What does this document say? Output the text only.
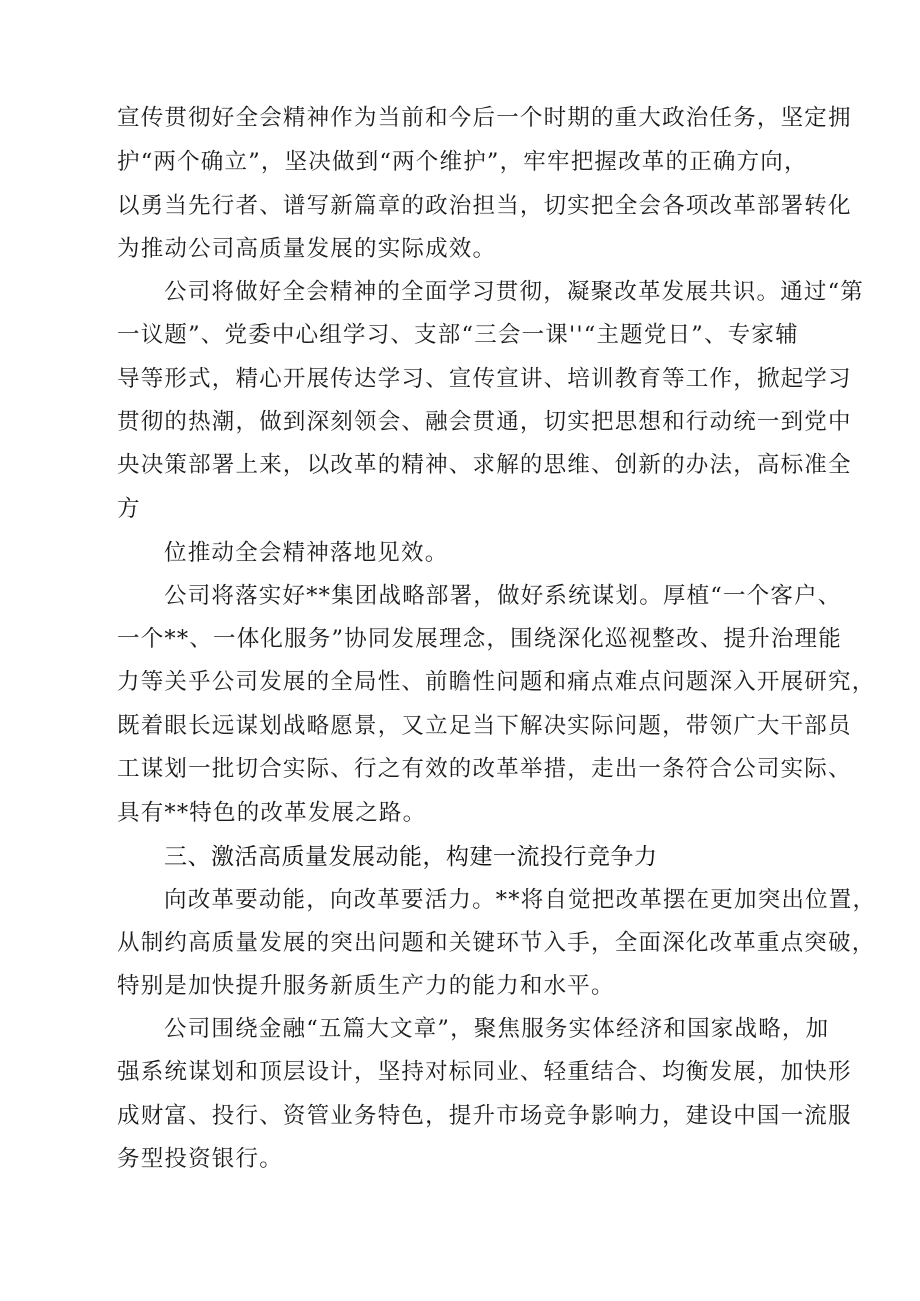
宣传贯彻好全会精神作为当前和今后一个时期的重大政治任务，坚定拥
护“两个确立”，坚决做到“两个维护”，牢牢把握改革的正确方向，
以勇当先行者、谱写新篇章的政治担当，切实把全会各项改革部署转化
为推动公司高质量发展的实际成效。
公司将做好全会精神的全面学习贯彻，凝聚改革发展共识。通过“第
一议题”、党委中心组学习、支部“三会一课''“主题党日”、专家辅
导等形式，精心开展传达学习、宣传宣讲、培训教育等工作，掀起学习
贯彻的热潮，做到深刻领会、融会贯通，切实把思想和行动统一到党中
央决策部署上来，以改革的精神、求解的思维、创新的办法，高标准全
方
位推动全会精神落地见效。
公司将落实好**集团战略部署，做好系统谋划。厚植“一个客户、
一个**、一体化服务”协同发展理念，围绕深化巡视整改、提升治理能
力等关乎公司发展的全局性、前瞻性问题和痛点难点问题深入开展研究，
既着眼长远谋划战略愿景，又立足当下解决实际问题，带领广大干部员
工谋划一批切合实际、行之有效的改革举措，走出一条符合公司实际、
具有**特色的改革发展之路。
三、激活高质量发展动能，构建一流投行竞争力
向改革要动能，向改革要活力。**将自觉把改革摆在更加突出位置，
从制约高质量发展的突出问题和关键环节入手，全面深化改革重点突破，
特别是加快提升服务新质生产力的能力和水平。
公司围绕金融“五篇大文章”，聚焦服务实体经济和国家战略，加
强系统谋划和顶层设计，坚持对标同业、轻重结合、均衡发展，加快形
成财富、投行、资管业务特色，提升市场竞争影响力，建设中国一流服
务型投资银行。
